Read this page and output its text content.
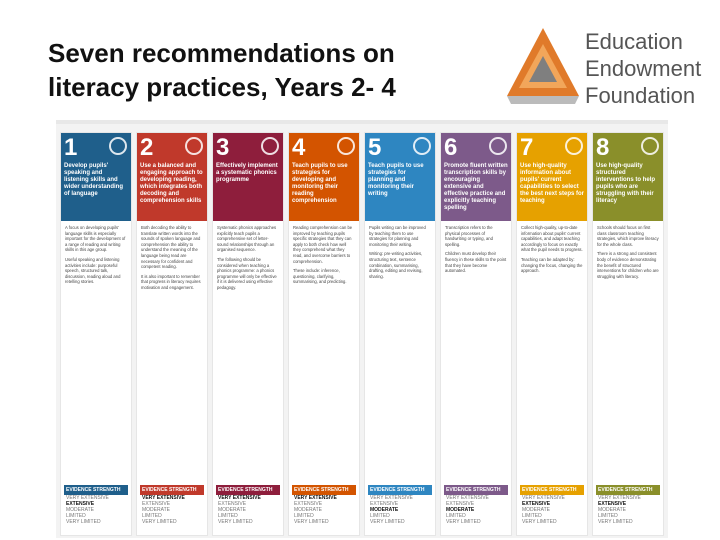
Seven recommendations on literacy practices, Years 2- 4
Education
Endowment
Foundation
1
Develop pupils' speaking and listening skills and wider understanding of language

A focus on developing pupils' language skills is especially important for the development of a range of reading and writing skills in this age group.

Useful speaking and listening activities include: purposeful speech, structured talk, discussion, reading aloud and retelling stories.

EVIDENCE STRENGTH
VERY EXTENSIVE
EXTENSIVE
MODERATE
LIMITED
VERY LIMITED
2
Use a balanced and engaging approach to developing reading, which integrates both decoding and comprehension skills

Both decoding the ability to translate written words into the sounds of spoken language and comprehension the ability to understand the meaning of the language being read are necessary for confident and competent reading.

It is also important to remember that progress in literacy requires motivation and engagement.

EVIDENCE STRENGTH
VERY EXTENSIVE
EXTENSIVE
MODERATE
LIMITED
VERY LIMITED
3
Effectively implement a systematic phonics programme

Systematic phonics approaches explicitly teach pupils a comprehensive set of letter-sound relationships through an organised sequence.

The following should be considered when teaching a phonics programme: a phonics programme will only be effective if it is delivered using effective pedagogy.

EVIDENCE STRENGTH
VERY EXTENSIVE
EXTENSIVE
MODERATE
LIMITED
VERY LIMITED
4
Teach pupils to use strategies for developing and monitoring their reading comprehension

Reading comprehension can be improved by teaching pupils specific strategies that they can apply to both check how well they comprehend what they read, and overcome barriers to comprehension.

These include: inference, questioning, clarifying, summarising, and predicting.

EVIDENCE STRENGTH
VERY EXTENSIVE
EXTENSIVE
MODERATE
LIMITED
VERY LIMITED
5
Teach pupils to use strategies for planning and monitoring their writing

Pupils writing can be improved by teaching them to use strategies for planning and monitoring their writing.

Writing: pre-writing activities, structuring text, sentence combination, summarising, drafting, editing and revising, sharing.

EVIDENCE STRENGTH
VERY EXTENSIVE
EXTENSIVE
MODERATE
LIMITED
VERY LIMITED
6
Promote fluent written transcription skills by encouraging extensive and effective practice and explicitly teaching spelling

Transcription refers to the physical processes of handwriting or typing, and spelling.

Children must develop their fluency in these skills to the point that they have become automated.

EVIDENCE STRENGTH
VERY EXTENSIVE
EXTENSIVE
MODERATE
LIMITED
VERY LIMITED
7
Use high-quality information about pupils' current capabilities to select the best next steps for teaching

Collect high-quality, up-to-date information about pupils' current capabilities, and adapt teaching accordingly to focus on exactly what the pupil needs to progress.

Teaching can be adapted by: changing the focus, changing the approach.

EVIDENCE STRENGTH
VERY EXTENSIVE
EXTENSIVE
MODERATE
LIMITED
VERY LIMITED
8
Use high-quality structured interventions to help pupils who are struggling with their literacy

Schools should focus on first class classroom teaching strategies, which improve literacy for the whole class.

There is a strong and consistent body of evidence demonstrating the benefit of structured interventions for children who are struggling with literacy.

EVIDENCE STRENGTH
VERY EXTENSIVE
EXTENSIVE
MODERATE
LIMITED
VERY LIMITED
